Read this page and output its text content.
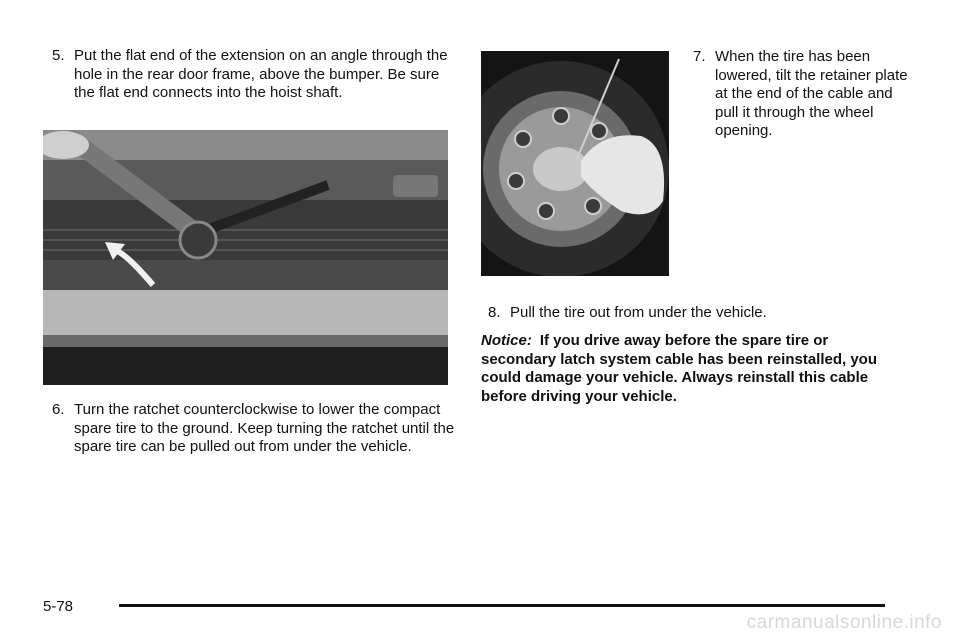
5. Put the flat end of the extension on an angle through the hole in the rear door frame, above the bumper. Be sure the flat end connects into the hoist shaft.
6. Turn the ratchet counterclockwise to lower the compact spare tire to the ground. Keep turning the ratchet until the spare tire can be pulled out from under the vehicle.
7. When the tire has been lowered, tilt the retainer plate at the end of the cable and pull it through the wheel opening.
8. Pull the tire out from under the vehicle.
Notice: If you drive away before the spare tire or secondary latch system cable has been reinstalled, you could damage your vehicle. Always reinstall this cable before driving your vehicle.
5-78
carmanualsonline.info
